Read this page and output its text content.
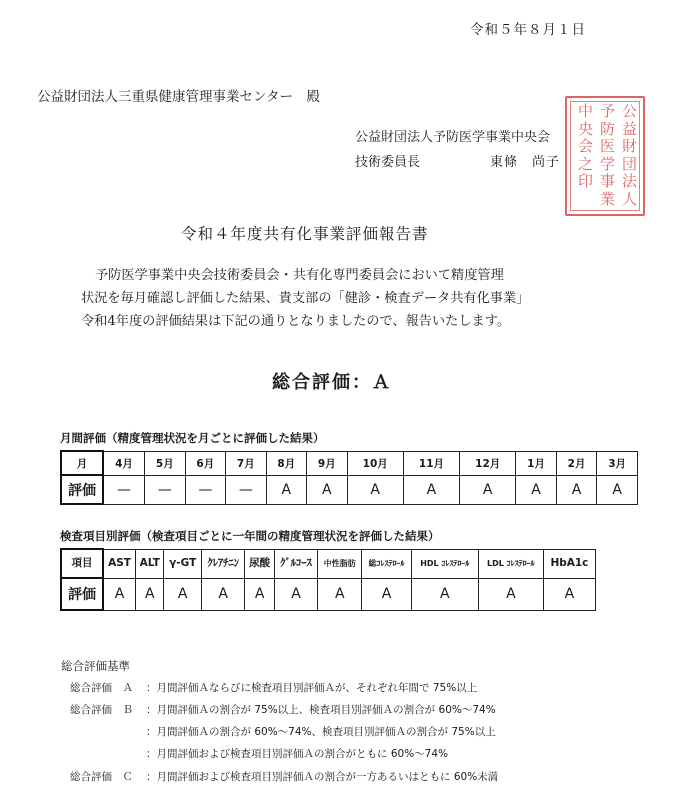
令和５年８月１日
公益財団法人三重県健康管理事業センター　殿
公益財団法人予防医学事業中央会
技術委員長	東條　尚子
公
益
財
団
法
人
予
防
医
学
事
業
中
央
会
之
印
令和４年度共有化事業評価報告書
予防医学事業中央会技術委員会・共有化専門委員会において精度管理
状況を毎月確認し評価した結果、貴支部の「健診・検査データ共有化事業」
令和4年度の評価結果は下記の通りとなりましたので、報告いたします。
総合評価：Ａ
月間評価（精度管理状況を月ごとに評価した結果）
月	4月	5月	6月	7月	8月	9月	10月	11月	12月	1月	2月	3月
評価	—	—	—	—	A	A	A	A	A	A	A	A
検査項目別評価（検査項目ごとに一年間の精度管理状況を評価した結果）
項目	AST	ALT	γ-GT	ｸﾚｱﾁﾆﾝ	尿酸	ｸﾞﾙｺｰｽ	中性脂肪	総ｺﾚｽﾃﾛｰﾙ	HDL ｺﾚｽﾃﾛｰﾙ	LDL ｺﾚｽﾃﾛｰﾙ	HbA1c
評価	A	A	A	A	A	A	A	A	A	A	A
総合評価基準
総合評価　Ａ ：月間評価Ａならびに検査項目別評価Ａが、それぞれ年間で 75%以上
総合評価　Ｂ ：月間評価Ａの割合が 75%以上、検査項目別評価Ａの割合が 60%～74%
：月間評価Ａの割合が 60%～74%、検査項目別評価Ａの割合が 75%以上
：月間評価および検査項目別評価Ａの割合がともに 60%～74%
総合評価　Ｃ ：月間評価および検査項目別評価Ａの割合が一方あるいはともに 60%未満
